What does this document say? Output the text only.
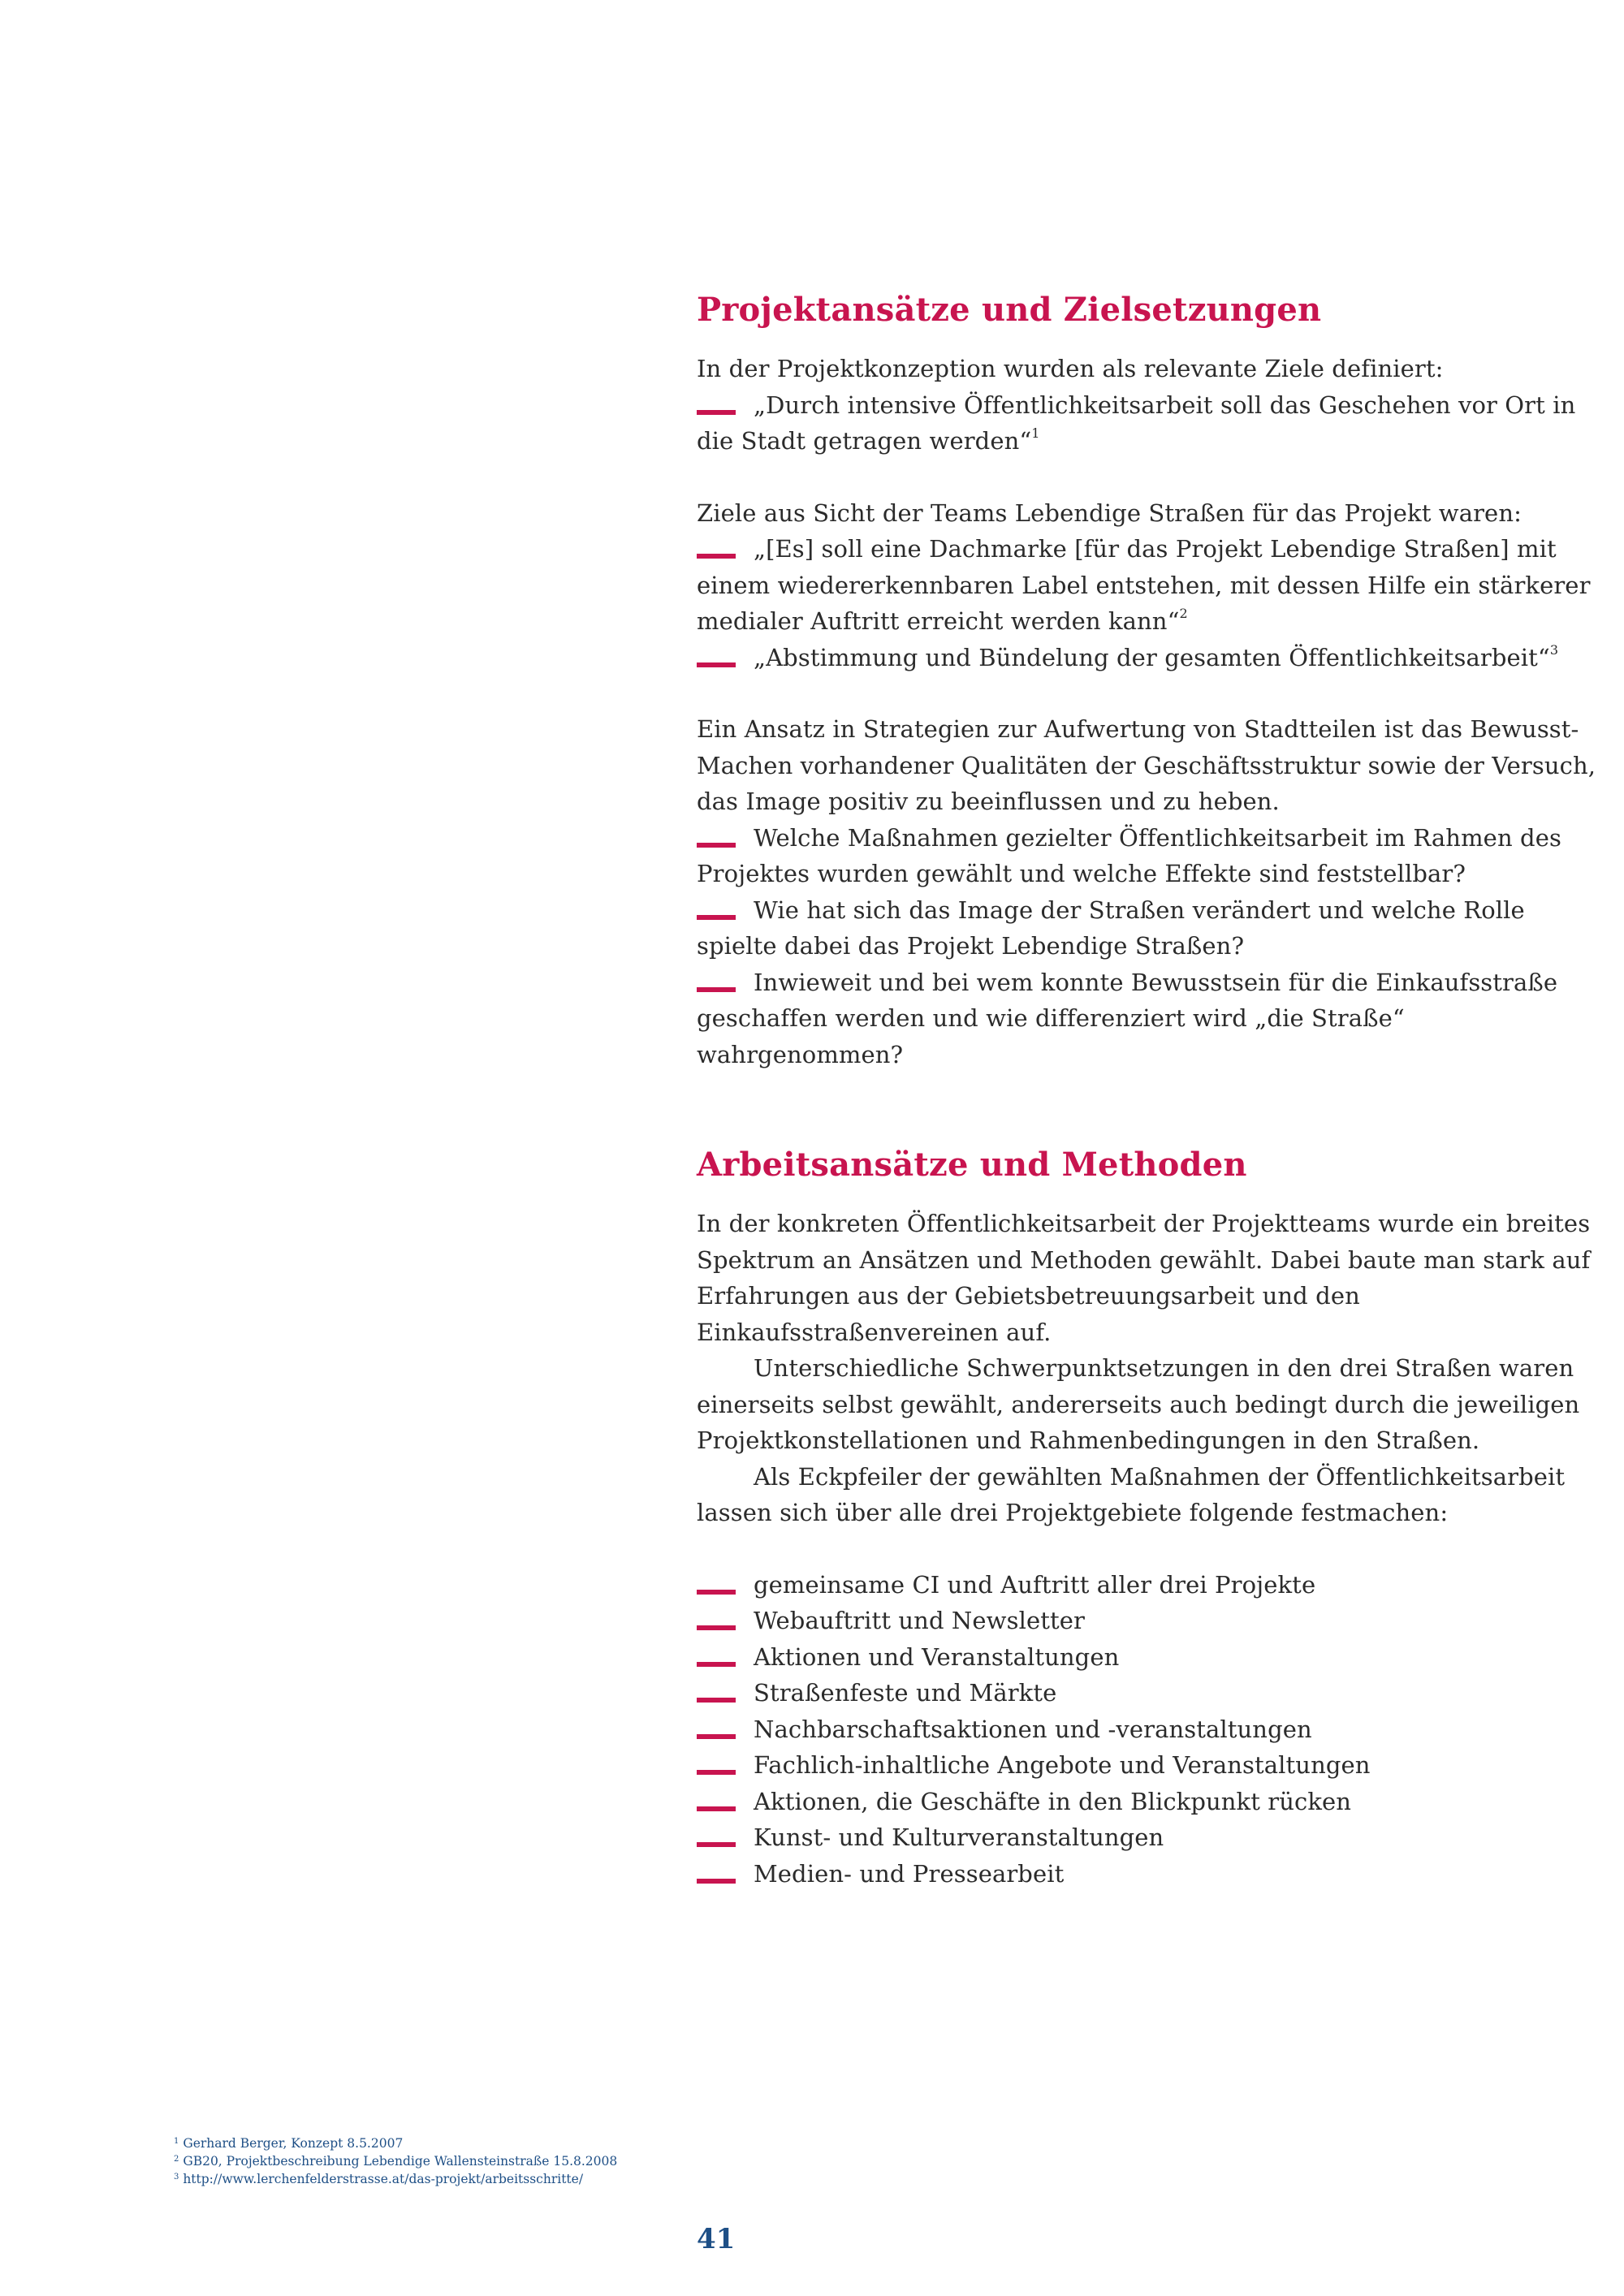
Projektansätze und Zielsetzungen

In der Projektkonzeption wurden als relevante Ziele definiert:

„Durch intensive Öffentlichkeitsarbeit soll das Geschehen vor Ort in die Stadt getragen werden“$^1$

Ziele aus Sicht der Teams Lebendige Straßen für das Projekt waren:

„[Es] soll eine Dachmarke [für das Projekt Lebendige Straßen] mit einem wiedererkennbaren Label entstehen, mit dessen Hilfe ein stärkerer medialer Auftritt erreicht werden kann“$^2$

„Abstimmung und Bündelung der gesamten Öffentlichkeitsarbeit“$^3$

Ein Ansatz in Strategien zur Aufwertung von Stadtteilen ist das Bewusst-Machen vorhandener Qualitäten der Geschäftsstruktur sowie der Versuch, das Image positiv zu beeinflussen und zu heben.

Welche Maßnahmen gezielter Öffentlichkeitsarbeit im Rahmen des Projektes wurden gewählt und welche Effekte sind feststellbar?

Wie hat sich das Image der Straßen verändert und welche Rolle spielte dabei das Projekt Lebendige Straßen?

Inwieweit und bei wem konnte Bewusstsein für die Einkaufsstraße geschaffen werden und wie differenziert wird „die Straße“ wahrgenommen?

Arbeitsansätze und Methoden

In der konkreten Öffentlichkeitsarbeit der Projektteams wurde ein breites Spektrum an Ansätzen und Methoden gewählt. Dabei baute man stark auf Erfahrungen aus der Gebietsbetreuungsarbeit und den Einkaufsstraßenvereinen auf.

Unterschiedliche Schwerpunktsetzungen in den drei Straßen waren einerseits selbst gewählt, andererseits auch bedingt durch die jeweiligen Projektkonstellationen und Rahmenbedingungen in den Straßen.

Als Eckpfeiler der gewählten Maßnahmen der Öffentlichkeitsarbeit lassen sich über alle drei Projektgebiete folgende festmachen:

gemeinsame CI und Auftritt aller drei Projekte
Webauftritt und Newsletter
Aktionen und Veranstaltungen
Straßenfeste und Märkte
Nachbarschaftsaktionen und -veranstaltungen
Fachlich-inhaltliche Angebote und Veranstaltungen
Aktionen, die Geschäfte in den Blickpunkt rücken
Kunst- und Kulturveranstaltungen
Medien- und Pressearbeit
$^1$ Gerhard Berger, Konzept 8.5.2007
$^2$ GB20, Projektbeschreibung Lebendige Wallensteinstraße 15.8.2008
$^3$ http://www.lerchenfelderstrasse.at/das-projekt/arbeitsschritte/
41
